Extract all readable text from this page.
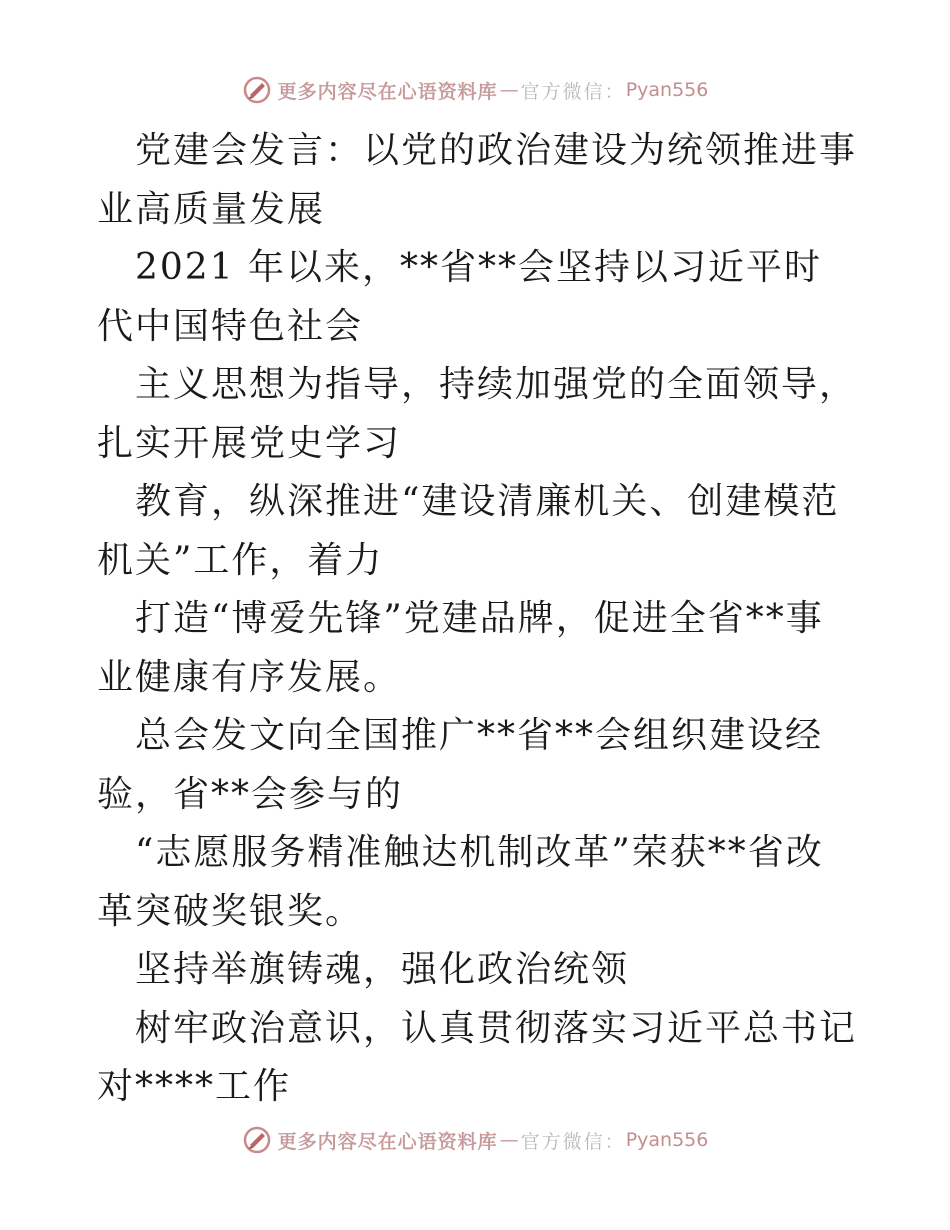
更多内容尽在心语资料库 — 官方微信： Pyan556

党建会发言：以党的政治建设为统领推进事业高质量发展

2021 年以来，**省**会坚持以习近平时代中国特色社会

主义思想为指导，持续加强党的全面领导，扎实开展党史学习

教育，纵深推进“建设清廉机关、创建模范机关”工作，着力

打造“博爱先锋”党建品牌，促进全省**事业健康有序发展。

总会发文向全国推广**省**会组织建设经验，省**会参与的

“志愿服务精准触达机制改革”荣获**省改革突破奖银奖。

坚持举旗铸魂，强化政治统领

树牢政治意识，认真贯彻落实习近平总书记对****工作

更多内容尽在心语资料库 — 官方微信： Pyan556
